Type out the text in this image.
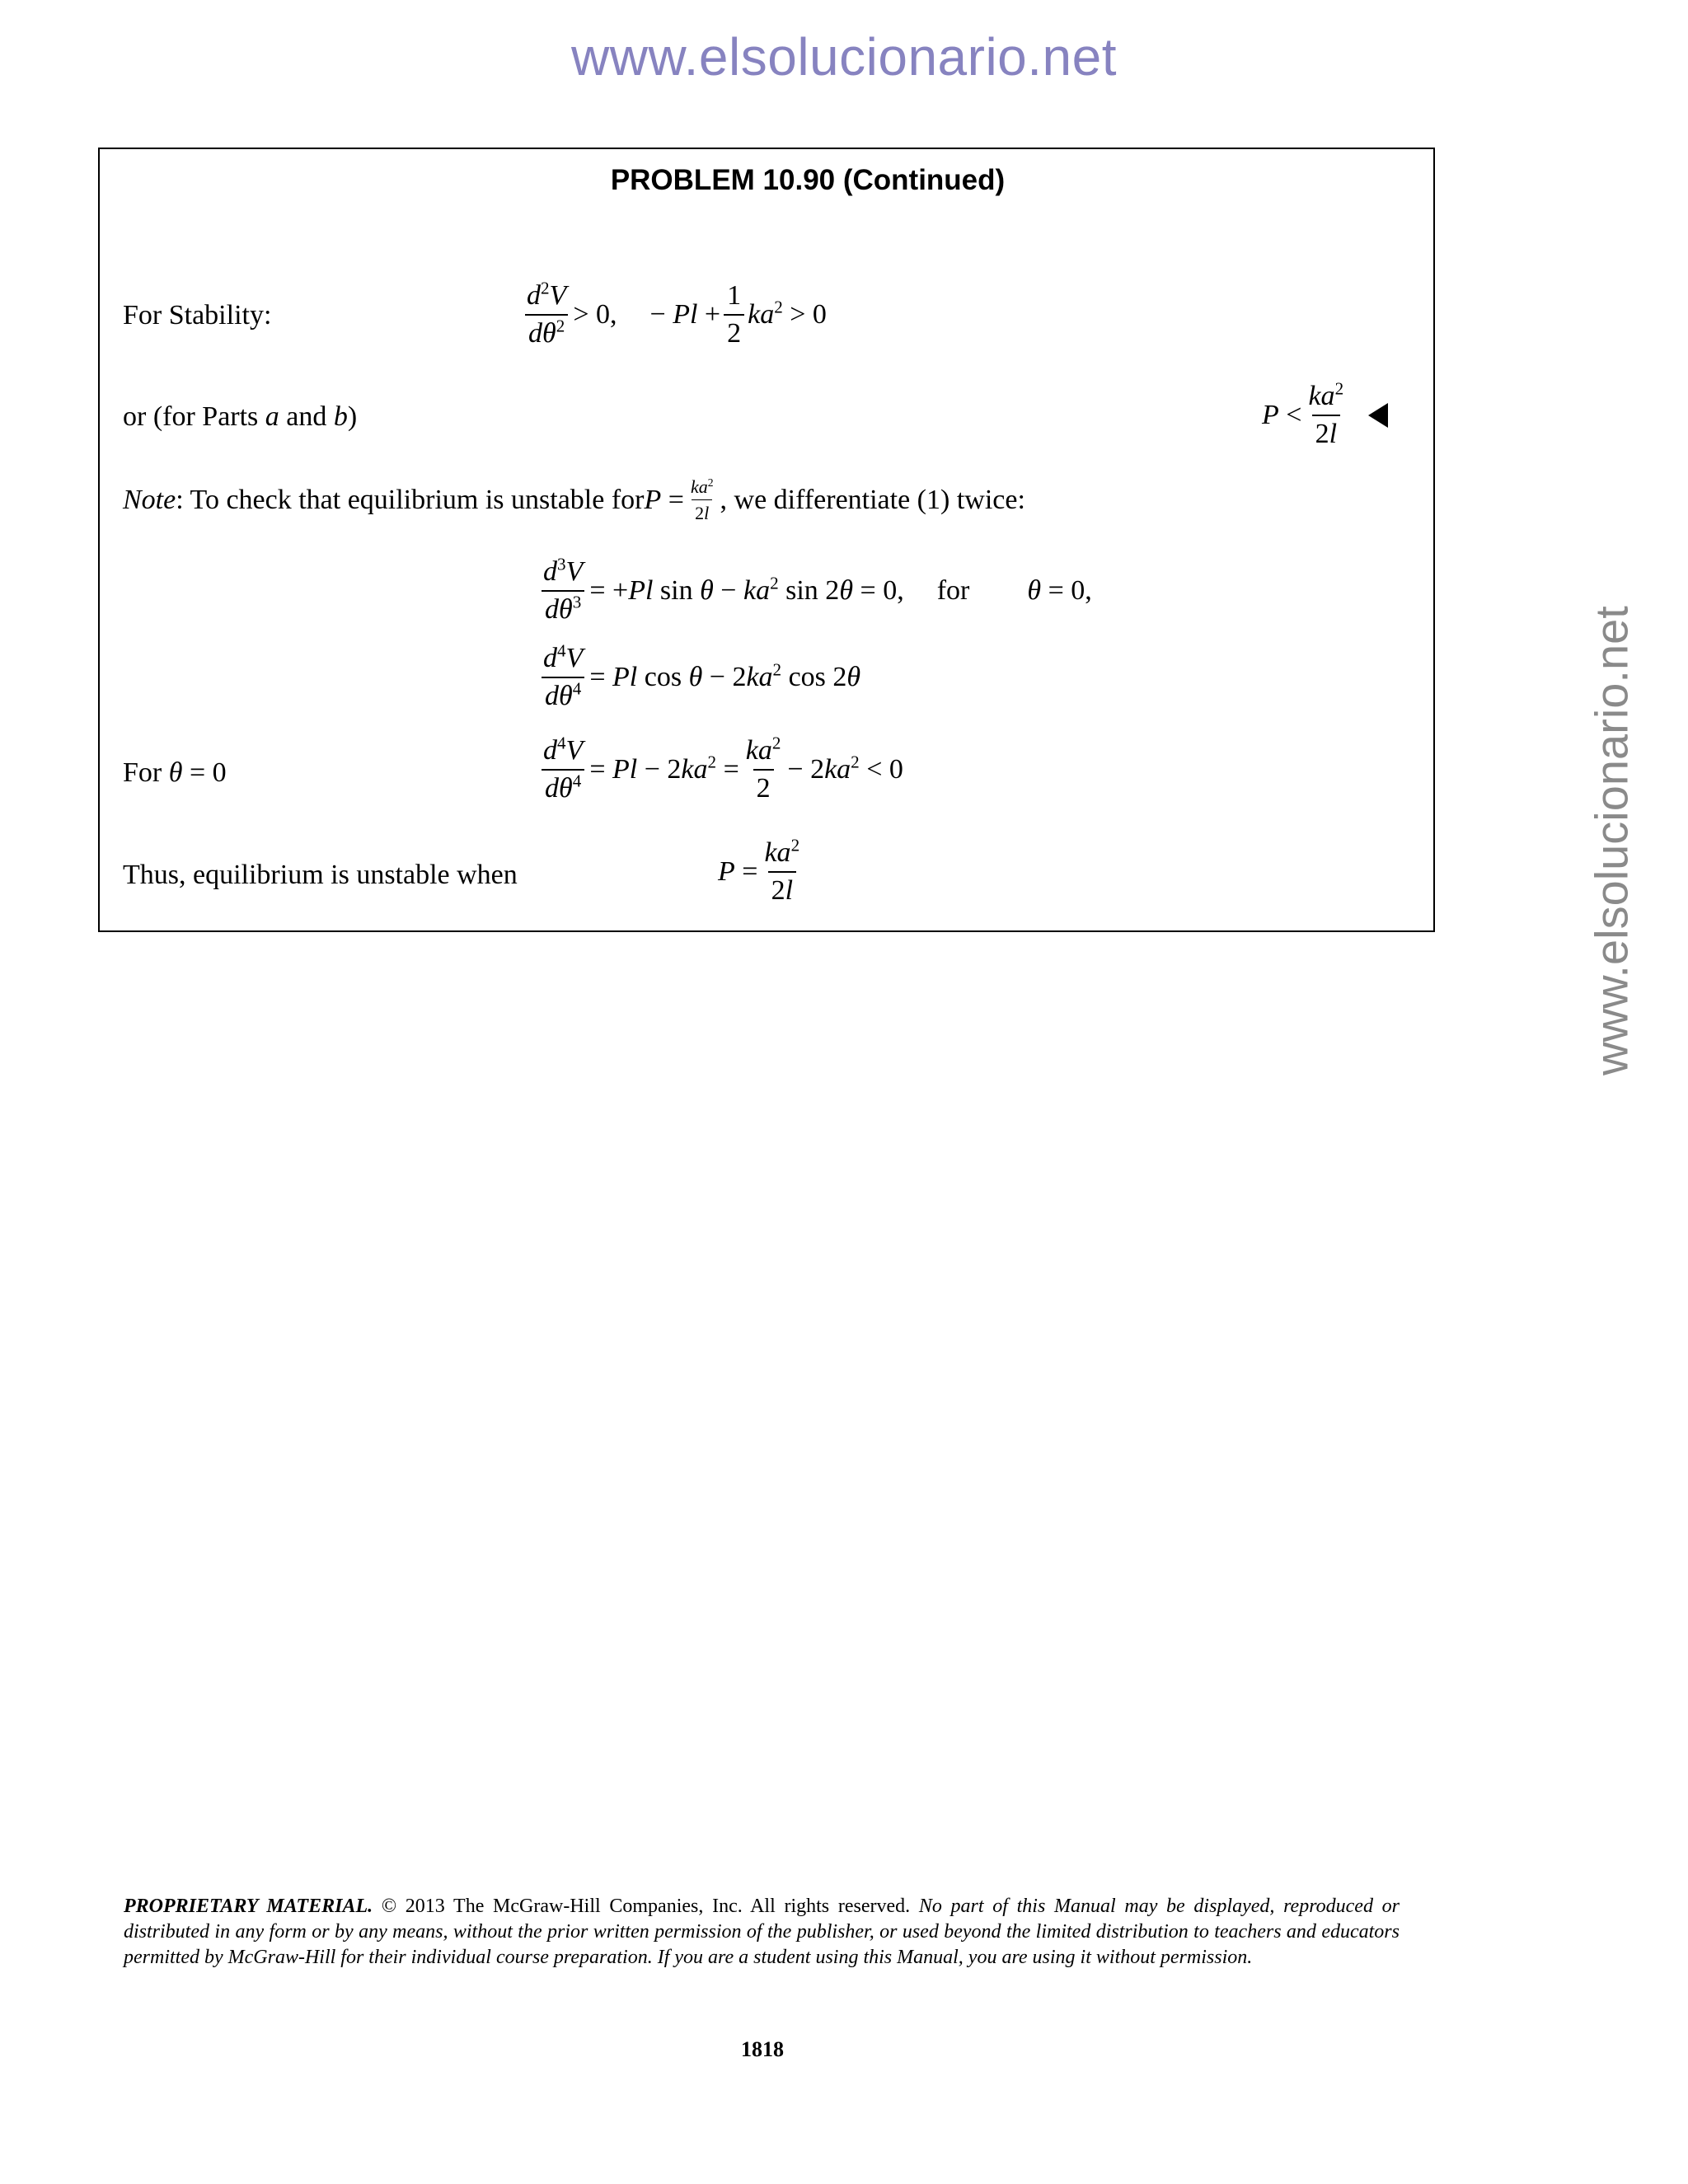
www.elsolucionario.net
www.elsolucionario.net
PROBLEM 10.90 (Continued)
For Stability:	$\frac{d^2V}{d\theta^2} > 0$, − $Pl + \frac{1}{2} ka^2 > 0$
or (for Parts a and b)	$P < \frac{ka^2}{2l}$
Note: To check that equilibrium is unstable for $P = \frac{ka^2}{2l}$ , we differentiate (1) twice:
$\frac{d^3V}{d\theta^3} = +Pl$ $\sin \theta - ka^2$ sin 2θ = 0, for θ = 0,
$\frac{d^4V}{d\theta^4} = Pl$ $\cos \theta - 2ka^2$ cos 2θ
For θ = 0	$\frac{d^4V}{d\theta^4} = Pl - 2ka^2 = \frac{ka^2}{2} - 2ka^2 < 0$
Thus, equilibrium is unstable when	$P = \frac{ka^2}{2l}$
PROPRIETARY MATERIAL. © 2013 The McGraw-Hill Companies, Inc. All rights reserved. No part of this Manual may be displayed, reproduced or distributed in any form or by any means, without the prior written permission of the publisher, or used beyond the limited distribution to teachers and educators permitted by McGraw-Hill for their individual course preparation. If you are a student using this Manual, you are using it without permission.
1818
